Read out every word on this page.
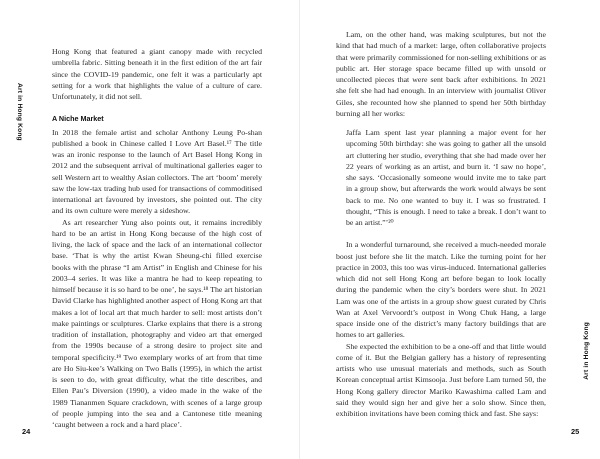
Art in Hong Kong

Hong Kong that featured a giant canopy made with recycled umbrella fabric. Sitting beneath it in the first edition of the art fair since the COVID-19 pandemic, one felt it was a particularly apt setting for a work that highlights the value of a culture of care. Unfortunately, it did not sell.

A Niche Market

In 2018 the female artist and scholar Anthony Leung Po-shan published a book in Chinese called I Love Art Basel.¹⁷ The title was an ironic response to the launch of Art Basel Hong Kong in 2012 and the subsequent arrival of multinational galleries eager to sell Western art to wealthy Asian collectors. The art ‘boom’ merely saw the low-tax trading hub used for transactions of commoditised international art favoured by investors, she pointed out. The city and its own culture were merely a sideshow.

As art researcher Yung also points out, it remains incredibly hard to be an artist in Hong Kong because of the high cost of living, the lack of space and the lack of an international collector base. ‘That is why the artist Kwan Sheung-chi filled exercise books with the phrase “I am Artist” in English and Chinese for his 2003–4 series. It was like a mantra he had to keep repeating to himself because it is so hard to be one’, he says.¹⁸ The art historian David Clarke has highlighted another aspect of Hong Kong art that makes a lot of local art that much harder to sell: most artists don’t make paintings or sculptures. Clarke explains that there is a strong tradition of installation, photography and video art that emerged from the 1990s because of a strong desire to project site and temporal specificity.¹⁹ Two exemplary works of art from that time are Ho Siu-kee’s Walking on Two Balls (1995), in which the artist is seen to do, with great difficulty, what the title describes, and Ellen Pau’s Diversion (1990), a video made in the wake of the 1989 Tiananmen Square crackdown, with scenes of a large group of people jumping into the sea and a Cantonese title meaning ‘caught between a rock and a hard place’.

24

Lam, on the other hand, was making sculptures, but not the kind that had much of a market: large, often collaborative projects that were primarily commissioned for non-selling exhibitions or as public art. Her storage space became filled up with unsold or uncollected pieces that were sent back after exhibitions. In 2021 she felt she had had enough. In an interview with journalist Oliver Giles, she recounted how she planned to spend her 50th birthday burning all her works:

Jaffa Lam spent last year planning a major event for her upcoming 50th birthday: she was going to gather all the unsold art cluttering her studio, everything that she had made over her 22 years of working as an artist, and burn it. ‘I saw no hope’, she says. ‘Occasionally someone would invite me to take part in a group show, but afterwards the work would always be sent back to me. No one wanted to buy it. I was so frustrated. I thought, “This is enough. I need to take a break. I don’t want to be an artist.”’²⁰

In a wonderful turnaround, she received a much-needed morale boost just before she lit the match. Like the turning point for her practice in 2003, this too was virus-induced. International galleries which did not sell Hong Kong art before began to look locally during the pandemic when the city’s borders were shut. In 2021 Lam was one of the artists in a group show guest curated by Chris Wan at Axel Vervoordt’s outpost in Wong Chuk Hang, a large space inside one of the district’s many factory buildings that are homes to art galleries.

She expected the exhibition to be a one-off and that little would come of it. But the Belgian gallery has a history of representing artists who use unusual materials and methods, such as South Korean conceptual artist Kimsooja. Just before Lam turned 50, the Hong Kong gallery director Mariko Kawashima called Lam and said they would sign her and give her a solo show. Since then, exhibition invitations have been coming thick and fast. She says:

Art in Hong Kong
25
